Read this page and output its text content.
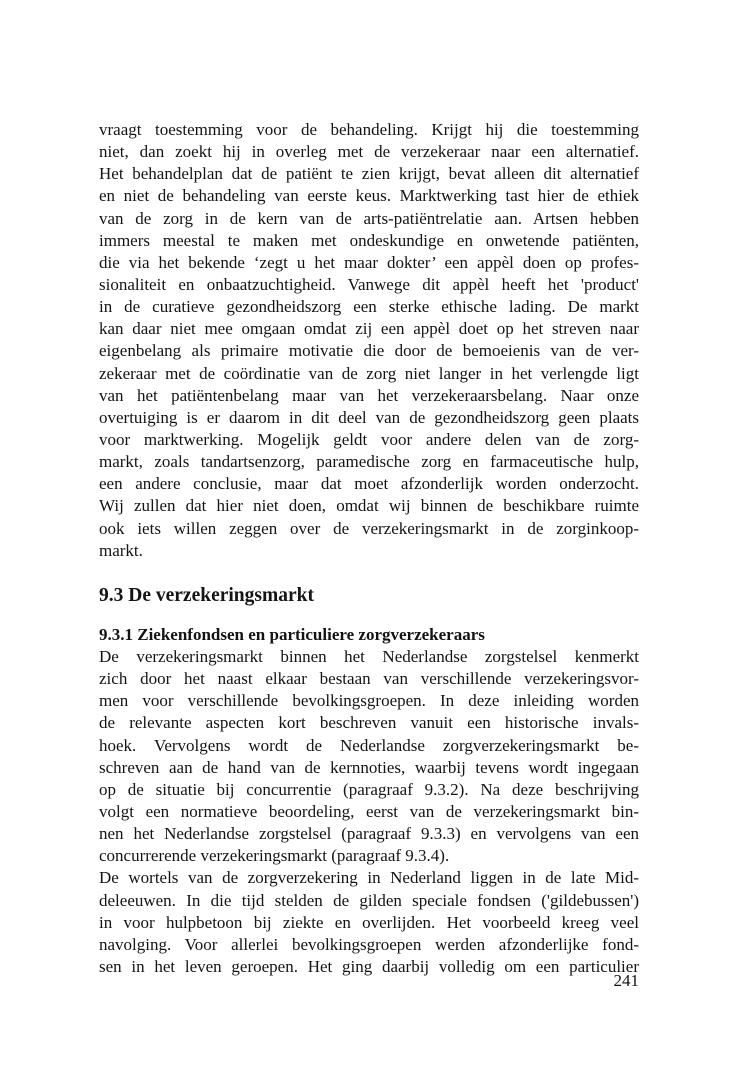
vraagt toestemming voor de behandeling. Krijgt hij die toestemming
niet, dan zoekt hij in overleg met de verzekeraar naar een alternatief.
Het behandelplan dat de patiënt te zien krijgt, bevat alleen dit alternatief
en niet de behandeling van eerste keus. Marktwerking tast hier de ethiek
van de zorg in de kern van de arts-patiëntrelatie aan. Artsen hebben
immers meestal te maken met ondeskundige en onwetende patiënten,
die via het bekende ‘zegt u het maar dokter’ een appèl doen op profes-
sionaliteit en onbaatzuchtigheid. Vanwege dit appèl heeft het 'product'
in de curatieve gezondheidszorg een sterke ethische lading. De markt
kan daar niet mee omgaan omdat zij een appèl doet op het streven naar
eigenbelang als primaire motivatie die door de bemoeienis van de ver-
zekeraar met de coördinatie van de zorg niet langer in het verlengde ligt
van het patiëntenbelang maar van het verzekeraarsbelang. Naar onze
overtuiging is er daarom in dit deel van de gezondheidszorg geen plaats
voor marktwerking. Mogelijk geldt voor andere delen van de zorg-
markt, zoals tandartsenzorg, paramedische zorg en farmaceutische hulp,
een andere conclusie, maar dat moet afzonderlijk worden onderzocht.
Wij zullen dat hier niet doen, omdat wij binnen de beschikbare ruimte
ook iets willen zeggen over de verzekeringsmarkt in de zorginkoop-
markt.
9.3 De verzekeringsmarkt
9.3.1 Ziekenfondsen en particuliere zorgverzekeraars
De verzekeringsmarkt binnen het Nederlandse zorgstelsel kenmerkt
zich door het naast elkaar bestaan van verschillende verzekeringsvor-
men voor verschillende bevolkingsgroepen. In deze inleiding worden
de relevante aspecten kort beschreven vanuit een historische invals-
hoek. Vervolgens wordt de Nederlandse zorgverzekeringsmarkt be-
schreven aan de hand van de kernnoties, waarbij tevens wordt ingegaan
op de situatie bij concurrentie (paragraaf 9.3.2). Na deze beschrijving
volgt een normatieve beoordeling, eerst van de verzekeringsmarkt bin-
nen het Nederlandse zorgstelsel (paragraaf 9.3.3) en vervolgens van een
concurrerende verzekeringsmarkt (paragraaf 9.3.4).
De wortels van de zorgverzekering in Nederland liggen in de late Mid-
deleeuwen. In die tijd stelden de gilden speciale fondsen ('gildebussen')
in voor hulpbetoon bij ziekte en overlijden. Het voorbeeld kreeg veel
navolging. Voor allerlei bevolkingsgroepen werden afzonderlijke fond-
sen in het leven geroepen. Het ging daarbij volledig om een particulier
241
